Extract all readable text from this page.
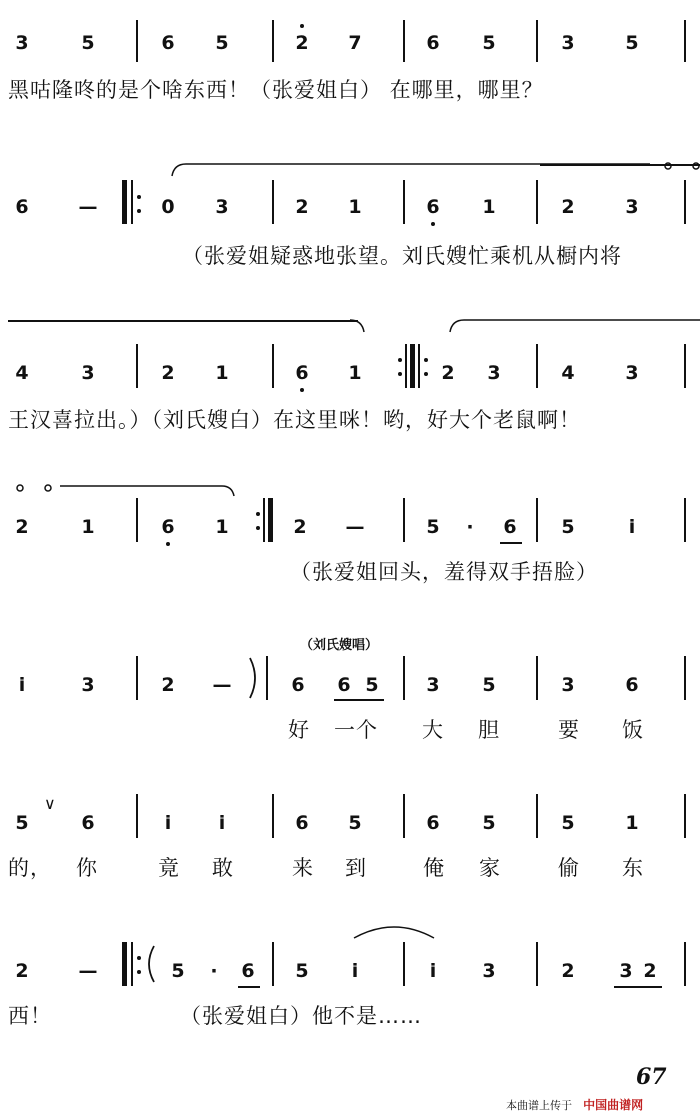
3	5	6 5	2 7	6 5	3	5
黑咕隆咚的是个啥东西！（张爱姐白） 在哪里，哪里？
6	—	0 3	2 1	6 1	2	3
（张爱姐疑惑地张望。刘氏嫂忙乘机从橱内将
4	3	2 1	6 1	2 3	4	3
王汉喜拉出。）（刘氏嫂白）在这里咪！哟，好大个老鼠啊！
2	1	6 1	2 —	5 · 6 5	i
（张爱姐回头，羞得双手捂脸）
（刘氏嫂唱）
i	3	2 —	6 6 5	3 5	3	6
好 一个 大 胆	要 饭
∨
5	6	i i	6 5	6 5	5	1
的， 你	竟 敢	来 到	俺 家	偷 东
2	—	5 · 6 5 i	i 3	2 3 2
西！	（张爱姐白）他不是……
67
本曲谱上传于 中国曲谱网
